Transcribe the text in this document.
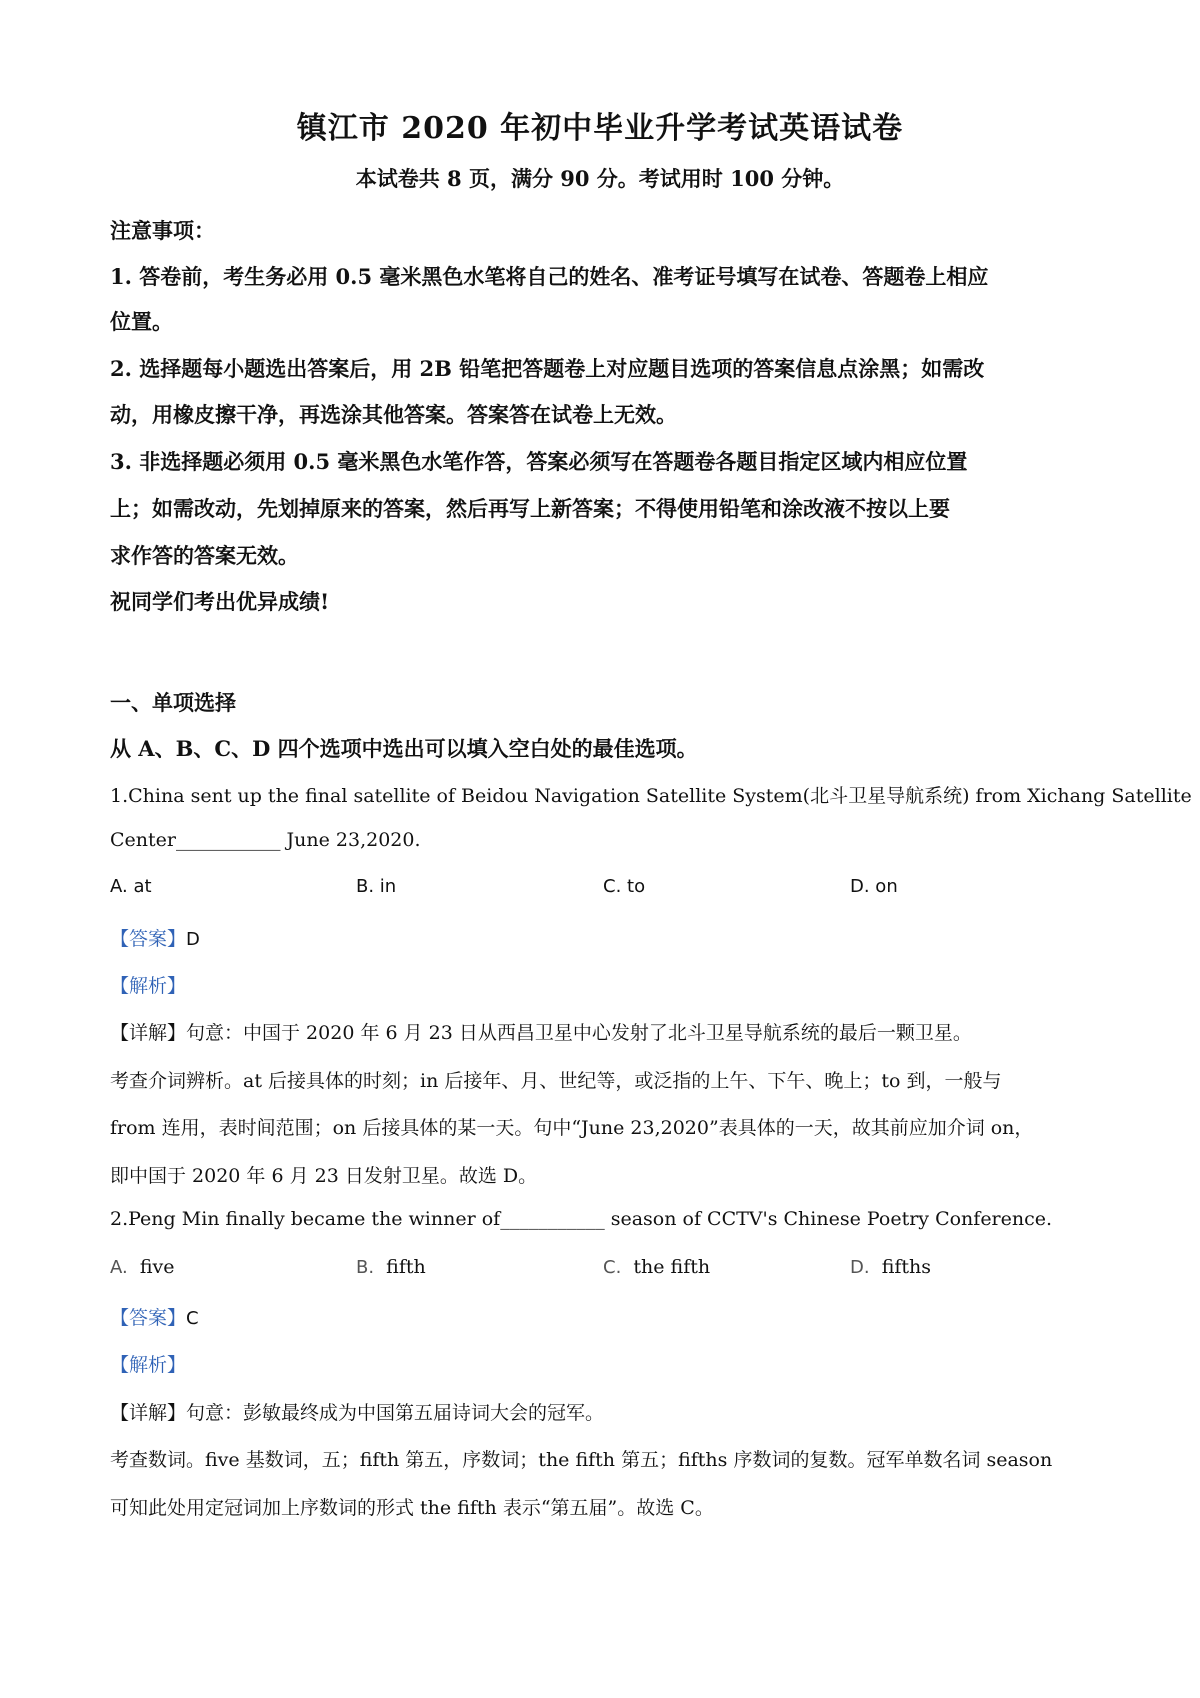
镇江市 2020 年初中毕业升学考试英语试卷
本试卷共 8 页，满分 90 分。考试用时 100 分钟。
注意事项：
1. 答卷前，考生务必用 0.5 毫米黑色水笔将自己的姓名、准考证号填写在试卷、答题卷上相应
位置。
2. 选择题每小题选出答案后，用 2B 铅笔把答题卷上对应题目选项的答案信息点涂黑；如需改
动，用橡皮擦干净，再选涂其他答案。答案答在试卷上无效。
3. 非选择题必须用 0.5 毫米黑色水笔作答，答案必须写在答题卷各题目指定区域内相应位置
上；如需改动，先划掉原来的答案，然后再写上新答案；不得使用铅笔和涂改液不按以上要
求作答的答案无效。
祝同学们考出优异成绩!
一、单项选择
从 A、B、C、D 四个选项中选出可以填入空白处的最佳选项。
1.China sent up the final satellite of Beidou Navigation Satellite System(北斗卫星导航系统) from Xichang Satellite
Center___________ June 23,2020.
A. at	B. in	C. to	D. on
【答案】D
【解析】
【详解】句意：中国于 2020 年 6 月 23 日从西昌卫星中心发射了北斗卫星导航系统的最后一颗卫星。
考查介词辨析。at 后接具体的时刻；in 后接年、月、世纪等，或泛指的上午、下午、晚上；to 到，一般与
from 连用，表时间范围；on 后接具体的某一天。句中“June 23,2020”表具体的一天，故其前应加介词 on，
即中国于 2020 年 6 月 23 日发射卫星。故选 D。
2.Peng Min finally became the winner of___________ season of CCTV's Chinese Poetry Conference.
A. five	B. fifth	C. the fifth	D. fifths
【答案】C
【解析】
【详解】句意：彭敏最终成为中国第五届诗词大会的冠军。
考查数词。five 基数词，五；fifth 第五，序数词；the fifth 第五；fifths 序数词的复数。冠军单数名词 season
可知此处用定冠词加上序数词的形式 the fifth 表示“第五届”。故选 C。
